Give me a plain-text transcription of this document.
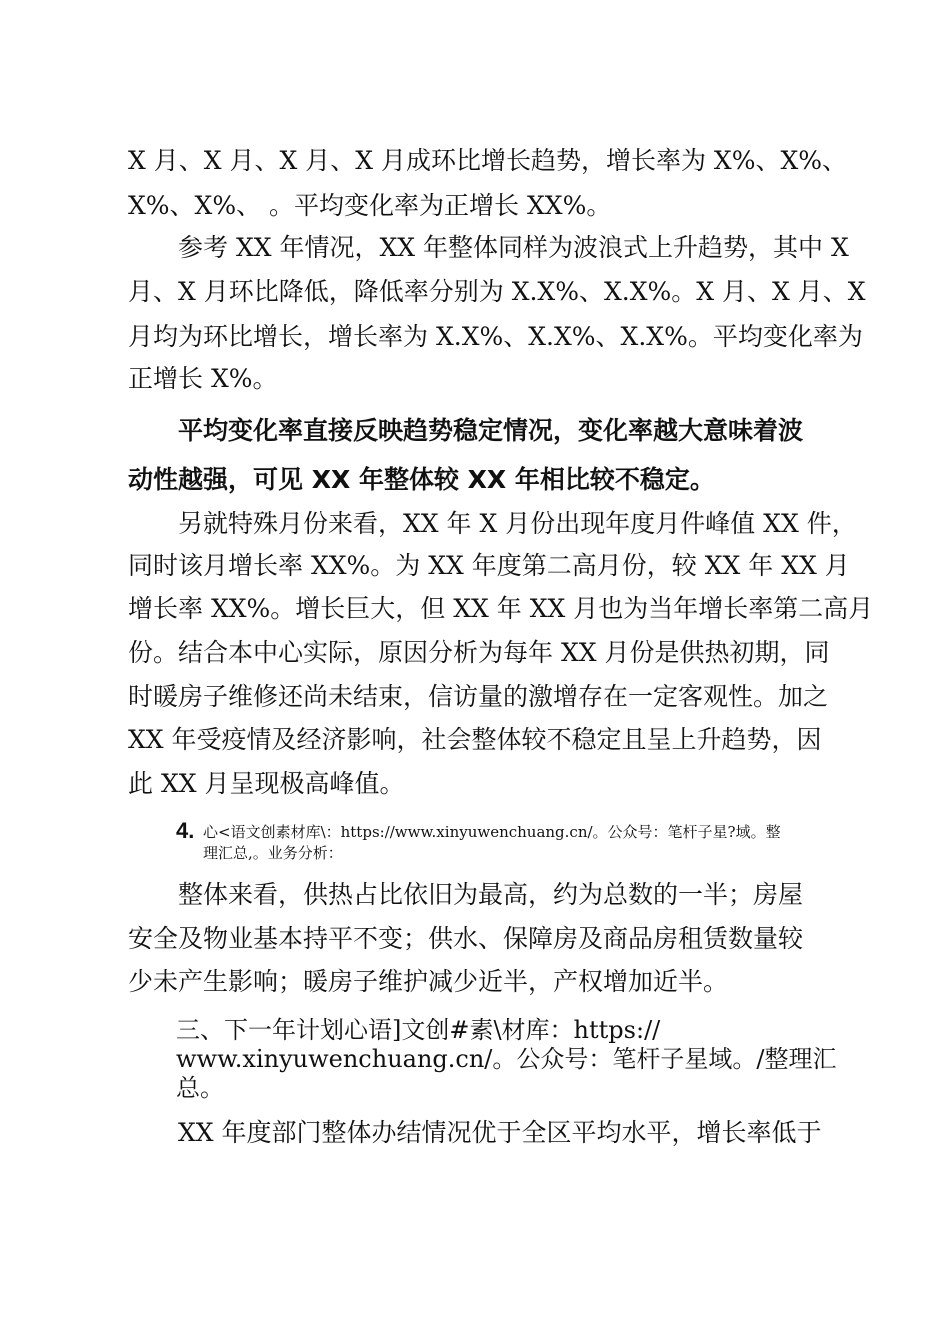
X 月、X 月、X 月、X 月成环比增长趋势，增长率为 X%、X%、
X%、X%、 。平均变化率为正增长 XX%。
参考 XX 年情况，XX 年整体同样为波浪式上升趋势，其中 X
月、X 月环比降低，降低率分别为 X.X%、X.X%。X 月、X 月、X
月均为环比增长，增长率为 X.X%、X.X%、X.X%。平均变化率为
正增长 X%。
平均变化率直接反映趋势稳定情况，变化率越大意味着波
动性越强，可见 XX 年整体较 XX 年相比较不稳定。
另就特殊月份来看，XX 年 X 月份出现年度月件峰值 XX 件，
同时该月增长率 XX%。为 XX 年度第二高月份，较 XX 年 XX 月
增长率 XX%。增长巨大，但 XX 年 XX 月也为当年增长率第二高月
份。结合本中心实际，原因分析为每年 XX 月份是供热初期，同
时暖房子维修还尚未结束，信访量的激增存在一定客观性。加之
XX 年受疫情及经济影响，社会整体较不稳定且呈上升趋势，因
此 XX 月呈现极高峰值。
4. 心<语文创素材库\：https://www.xinyuwenchuang.cn/。公众号：笔杆子星?域。整
理汇总,。业务分析：
整体来看，供热占比依旧为最高，约为总数的一半；房屋
安全及物业基本持平不变；供水、保障房及商品房租赁数量较
少未产生影响；暖房子维护减少近半，产权增加近半。
三、下一年计划心语]文创#素\材库：https://
www.xinyuwenchuang.cn/。公众号：笔杆子星域。/整理汇
总。
XX 年度部门整体办结情况优于全区平均水平，增长率低于
